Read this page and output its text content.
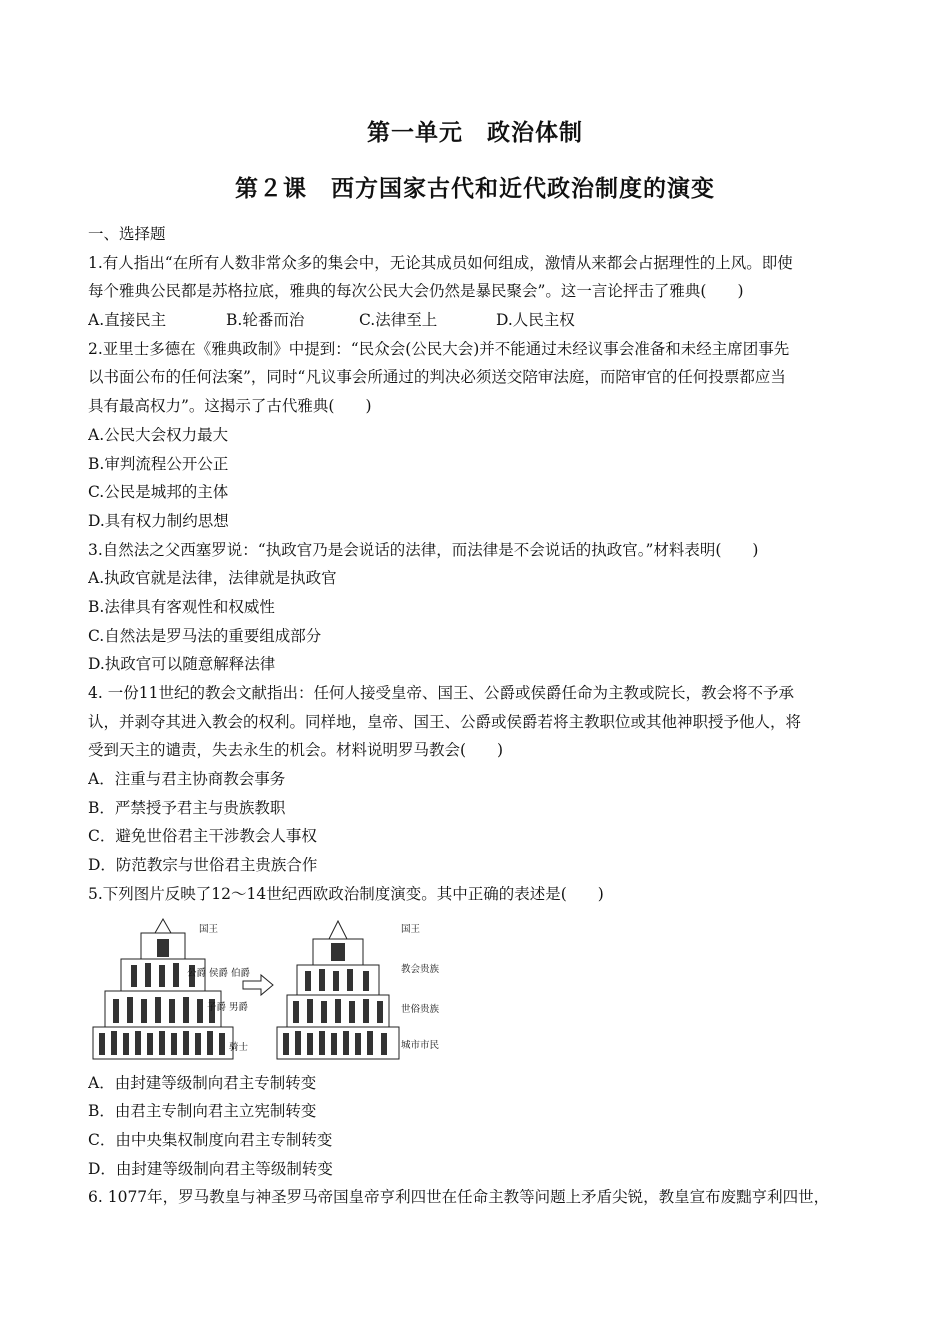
第一单元　政治体制
第２课　西方国家古代和近代政治制度的演变
一、选择题
1.有人指出“在所有人数非常众多的集会中，无论其成员如何组成，激情从来都会占据理性的上风。即使
每个雅典公民都是苏格拉底，雅典的每次公民大会仍然是暴民聚会”。这一言论抨击了雅典(　　)
A.直接民主	B.轮番而治	C.法律至上	D.人民主权
2.亚里士多德在《雅典政制》中提到：“民众会(公民大会)并不能通过未经议事会准备和未经主席团事先
以书面公布的任何法案”，同时“凡议事会所通过的判决必须送交陪审法庭，而陪审官的任何投票都应当
具有最高权力”。这揭示了古代雅典(　　)
A.公民大会权力最大
B.审判流程公开公正
C.公民是城邦的主体
D.具有权力制约思想
3.自然法之父西塞罗说：“执政官乃是会说话的法律，而法律是不会说话的执政官。”材料表明(　　)
A.执政官就是法律，法律就是执政官
B.法律具有客观性和权威性
C.自然法是罗马法的重要组成部分
D.执政官可以随意解释法律
4. 一份11世纪的教会文献指出：任何人接受皇帝、国王、公爵或侯爵任命为主教或院长，教会将不予承
认，并剥夺其进入教会的权利。同样地，皇帝、国王、公爵或侯爵若将主教职位或其他神职授予他人，将
受到天主的谴责，失去永生的机会。材料说明罗马教会(　　)
A．注重与君主协商教会事务
B．严禁授予君主与贵族教职
C．避免世俗君主干涉教会人事权
D．防范教宗与世俗君主贵族合作
5.下列图片反映了12～14世纪西欧政治制度演变。其中正确的表述是(　　)
国王
公爵 侯爵 伯爵
子爵 男爵
骑士
国王
教会贵族
世俗贵族
城市市民
A．由封建等级制向君主专制转变
B．由君主专制向君主立宪制转变
C．由中央集权制度向君主专制转变
D．由封建等级制向君主等级制转变
6. 1077年，罗马教皇与神圣罗马帝国皇帝亨利四世在任命主教等问题上矛盾尖锐，教皇宣布废黜亨利四世，
